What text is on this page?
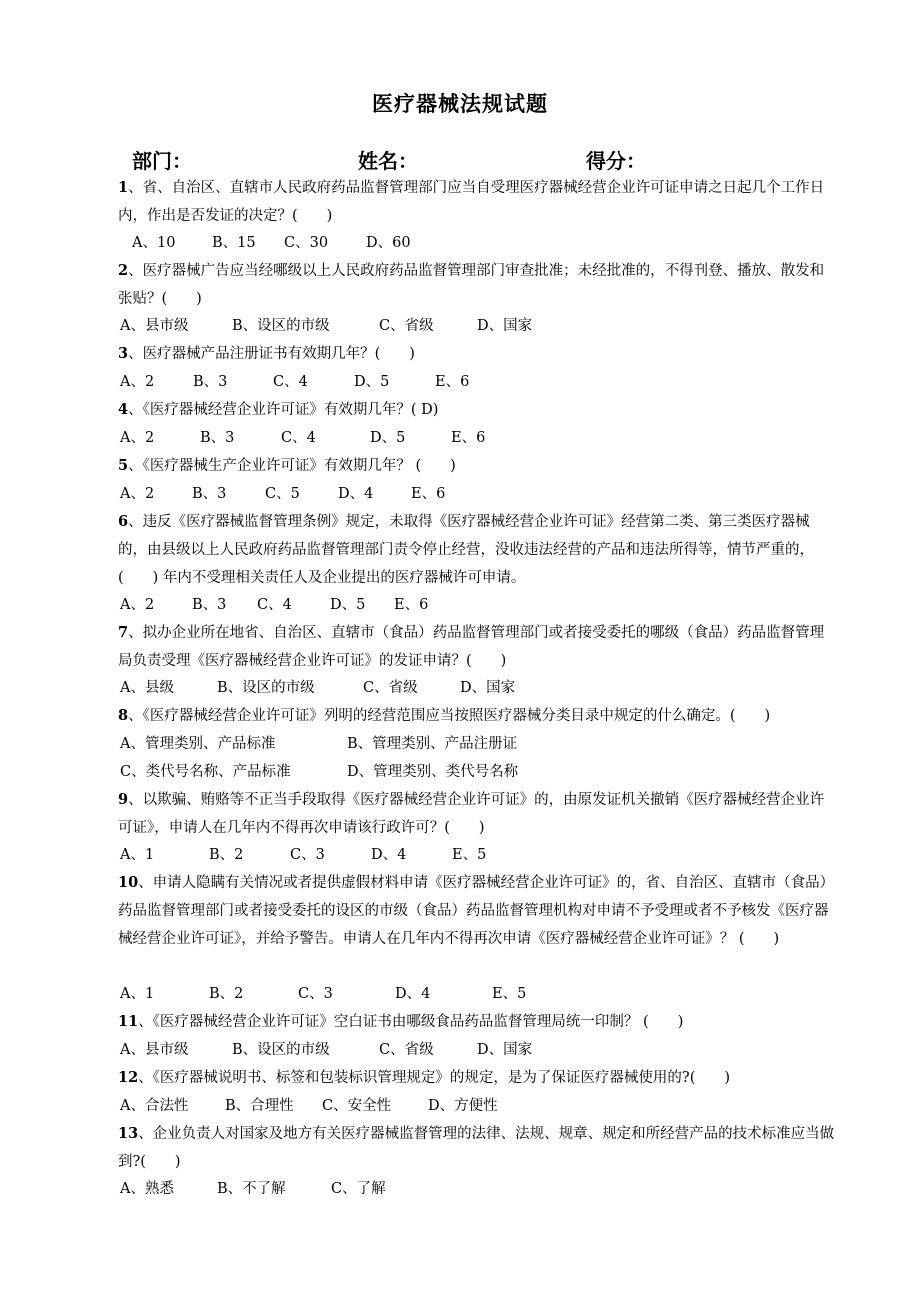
医疗器械法规试题
部门：	姓名：	得分：
1、省、自治区、直辖市人民政府药品监督管理部门应当自受理医疗器械经营企业许可证申请之日起几个工作日内，作出是否发证的决定？(　　)
A、10	B、15 C、30	D、60
2、医疗器械广告应当经哪级以上人民政府药品监督管理部门审查批准；未经批准的，不得刊登、播放、散发和张贴？(　　)
A、县市级	B、设区的市级	C、省级	D、国家
3、医疗器械产品注册证书有效期几年？(　　)
A、2	B、3	C、4	D、5	E、6
4、《医疗器械经营企业许可证》有效期几年？( D)
A、2	B、3	C、4	D、5	E、6
5、《医疗器械生产企业许可证》有效期几年？ (　　)
A、2	B、3	C、5	D、4	E、6
6、违反《医疗器械监督管理条例》规定，未取得《医疗器械经营企业许可证》经营第二类、第三类医疗器械的，由县级以上人民政府药品监督管理部门责令停止经营，没收违法经营的产品和违法所得等，情节严重的，(　　) 年内不受理相关责任人及企业提出的医疗器械许可申请。
A、2	B、3 C、4	D、5 E、6
7、拟办企业所在地省、自治区、直辖市（食品）药品监督管理部门或者接受委托的哪级（食品）药品监督管理局负责受理《医疗器械经营企业许可证》的发证申请？(　　)
A、县级	B、设区的市级	C、省级	D、国家
8、《医疗器械经营企业许可证》列明的经营范围应当按照医疗器械分类目录中规定的什么确定。(　　)
A、管理类别、产品标准	B、管理类别、产品注册证
C、类代号名称、产品标准	D、管理类别、类代号名称
9、以欺骗、贿赂等不正当手段取得《医疗器械经营企业许可证》的，由原发证机关撤销《医疗器械经营企业许可证》，申请人在几年内不得再次申请该行政许可？(　　)
A、1	B、2	C、3	D、4	E、5
10、申请人隐瞒有关情况或者提供虚假材料申请《医疗器械经营企业许可证》的，省、自治区、直辖市（食品）药品监督管理部门或者接受委托的设区的市级（食品）药品监督管理机构对申请不予受理或者不予核发《医疗器械经营企业许可证》，并给予警告。申请人在几年内不得再次申请《医疗器械经营企业许可证》？ (　　)
A、1	B、2	C、3	D、4	E、5
11、《医疗器械经营企业许可证》空白证书由哪级食品药品监督管理局统一印制？ (　　)
A、县市级	B、设区的市级	C、省级	D、国家
12、《医疗器械说明书、标签和包装标识管理规定》的规定，是为了保证医疗器械使用的?(　　)
A、合法性	B、合理性 C、安全性	D、方便性
13、企业负责人对国家及地方有关医疗器械监督管理的法律、法规、规章、规定和所经营产品的技术标准应当做到?(　　)
A、熟悉	B、不了解	C、了解
